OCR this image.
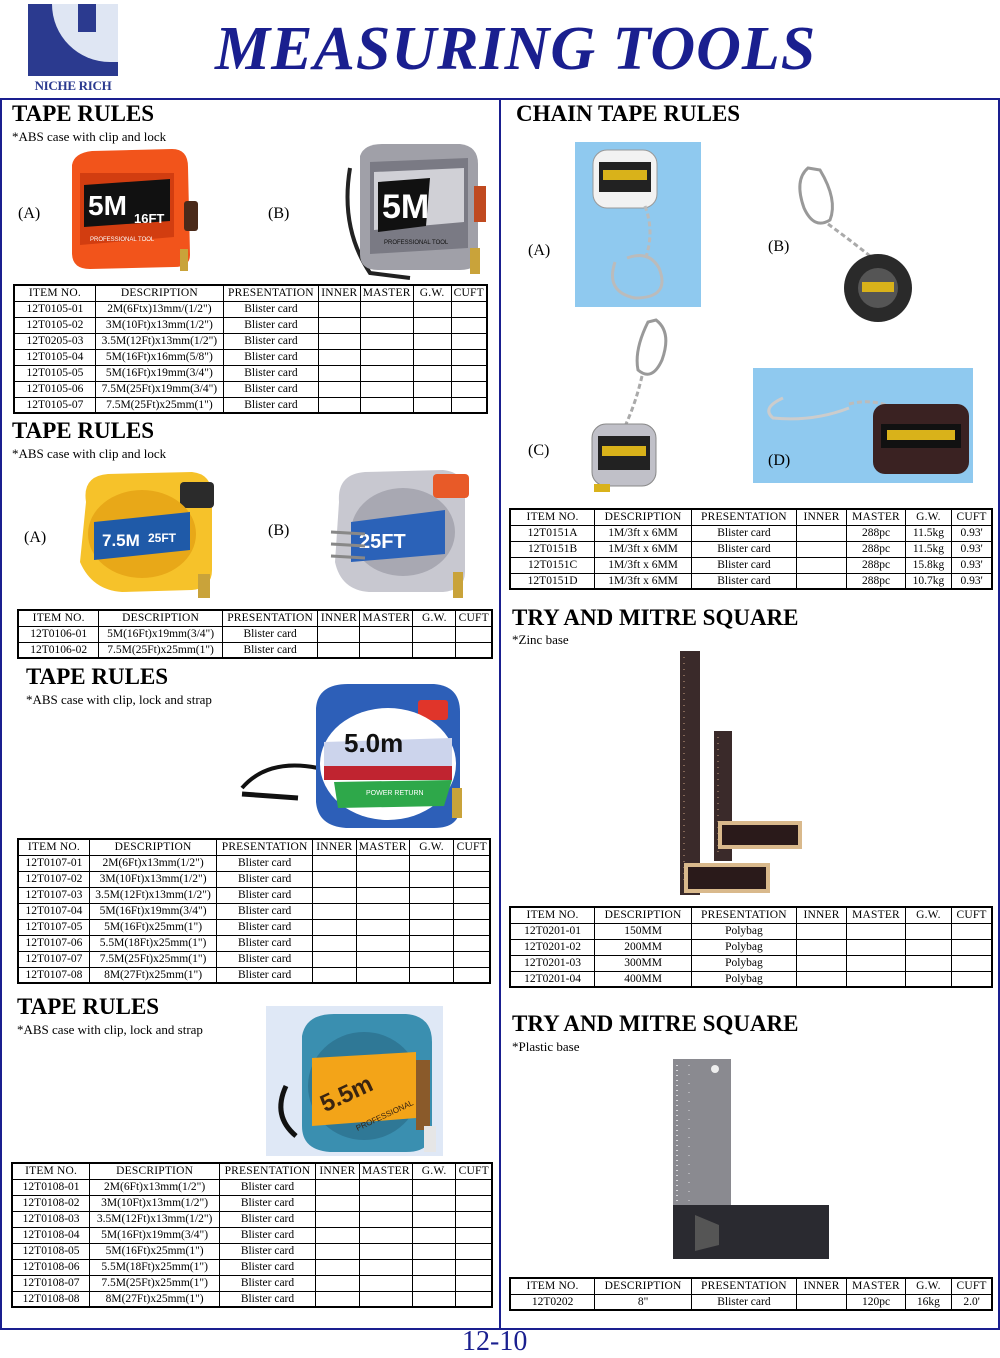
NICHE RICH
MEASURING TOOLS
TAPE RULES
*ABS case with clip and lock
(A)	(B)
5M 16FT
PROFESSIONAL TOOL
5M
PROFESSIONAL TOOL
ITEM NO.	DESCRIPTION	PRESENTATION	INNER	MASTER	G.W.	CUFT
12T0105-01	2M(6Ftx)13mm/(1/2")	Blister card				
12T0105-02	3M(10Ft)x13mm(1/2")	Blister card				
12T0205-03	3.5M(12Ft)x13mm(1/2")	Blister card				
12T0105-04	5M(16Ft)x16mm(5/8")	Blister card				
12T0105-05	5M(16Ft)x19mm(3/4")	Blister card				
12T0105-06	7.5M(25Ft)x19mm(3/4")	Blister card				
12T0105-07	7.5M(25Ft)x25mm(1")	Blister card				
TAPE RULES
*ABS case with clip and lock
(A)	(B)
7.5M 25FT	25FT
ITEM NO.	DESCRIPTION	PRESENTATION	INNER	MASTER	G.W.	CUFT
12T0106-01	5M(16Ft)x19mm(3/4")	Blister card				
12T0106-02	7.5M(25Ft)x25mm(1")	Blister card				
TAPE RULES
*ABS case with clip, lock and strap
5.0m
POWER RETURN
ITEM NO.	DESCRIPTION	PRESENTATION	INNER	MASTER	G.W.	CUFT
12T0107-01	2M(6Ft)x13mm(1/2")	Blister card				
12T0107-02	3M(10Ft)x13mm(1/2")	Blister card				
12T0107-03	3.5M(12Ft)x13mm(1/2")	Blister card				
12T0107-04	5M(16Ft)x19mm(3/4")	Blister card				
12T0107-05	5M(16Ft)x25mm(1")	Blister card				
12T0107-06	5.5M(18Ft)x25mm(1")	Blister card				
12T0107-07	7.5M(25Ft)x25mm(1")	Blister card				
12T0107-08	8M(27Ft)x25mm(1")	Blister card				
TAPE RULES
*ABS case with clip, lock and strap
5.5m
PROFESSIONAL
ITEM NO.	DESCRIPTION	PRESENTATION	INNER	MASTER	G.W.	CUFT
12T0108-01	2M(6Ft)x13mm(1/2")	Blister card				
12T0108-02	3M(10Ft)x13mm(1/2")	Blister card				
12T0108-03	3.5M(12Ft)x13mm(1/2")	Blister card				
12T0108-04	5M(16Ft)x19mm(3/4")	Blister card				
12T0108-05	5M(16Ft)x25mm(1")	Blister card				
12T0108-06	5.5M(18Ft)x25mm(1")	Blister card				
12T0108-07	7.5M(25Ft)x25mm(1")	Blister card				
12T0108-08	8M(27Ft)x25mm(1")	Blister card				
CHAIN TAPE RULES
(A)	(B)
(C)
(D)
ITEM NO.	DESCRIPTION	PRESENTATION	INNER	MASTER	G.W.	CUFT
12T0151A	1M/3ft x 6MM	Blister card		288pc	11.5kg	0.93'
12T0151B	1M/3ft x 6MM	Blister card		288pc	11.5kg	0.93'
12T0151C	1M/3ft x 6MM	Blister card		288pc	15.8kg	0.93'
12T0151D	1M/3ft x 6MM	Blister card		288pc	10.7kg	0.93'
TRY AND MITRE SQUARE
*Zinc base
ITEM NO.	DESCRIPTION	PRESENTATION	INNER	MASTER	G.W.	CUFT
12T0201-01	150MM	Polybag				
12T0201-02	200MM	Polybag				
12T0201-03	300MM	Polybag				
12T0201-04	400MM	Polybag				
TRY AND MITRE SQUARE
*Plastic base
ITEM NO.	DESCRIPTION	PRESENTATION	INNER	MASTER	G.W.	CUFT
12T0202	8"	Blister card		120pc	16kg	2.0'
12-10
